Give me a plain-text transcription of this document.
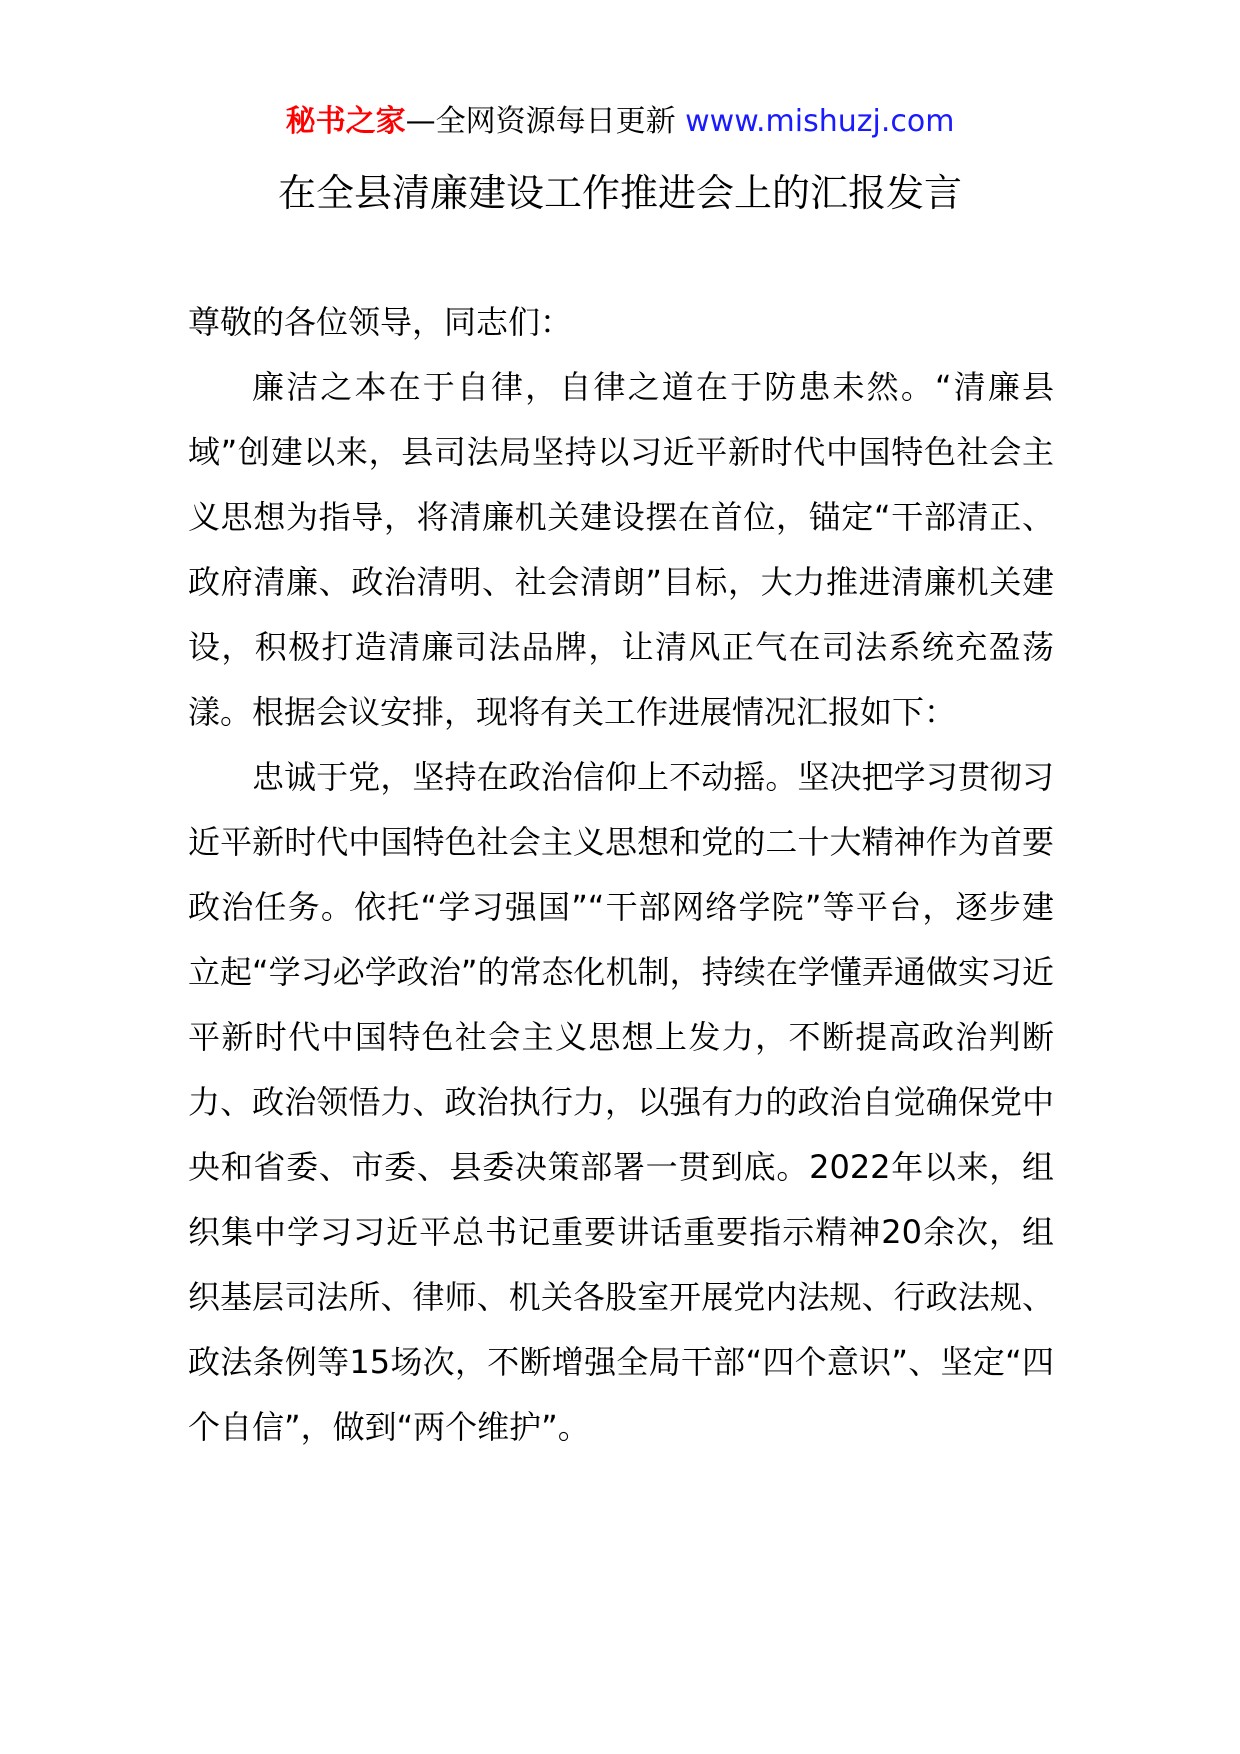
秘书之家—全网资源每日更新 www.mishuzj.com
在全县清廉建设工作推进会上的汇报发言

尊敬的各位领导，同志们：

廉洁之本在于自律，自律之道在于防患未然。“清廉县域”创建以来，县司法局坚持以习近平新时代中国特色社会主义思想为指导，将清廉机关建设摆在首位，锚定“干部清正、政府清廉、政治清明、社会清朗”目标，大力推进清廉机关建设，积极打造清廉司法品牌，让清风正气在司法系统充盈荡漾。根据会议安排，现将有关工作进展情况汇报如下：

忠诚于党，坚持在政治信仰上不动摇。坚决把学习贯彻习近平新时代中国特色社会主义思想和党的二十大精神作为首要政治任务。依托“学习强国”“干部网络学院”等平台，逐步建立起“学习必学政治”的常态化机制，持续在学懂弄通做实习近平新时代中国特色社会主义思想上发力，不断提高政治判断力、政治领悟力、政治执行力，以强有力的政治自觉确保党中央和省委、市委、县委决策部署一贯到底。2022年以来，组织集中学习习近平总书记重要讲话重要指示精神20余次，组织基层司法所、律师、机关各股室开展党内法规、行政法规、政法条例等15场次，不断增强全局干部“四个意识”、坚定“四个自信”，做到“两个维护”。
